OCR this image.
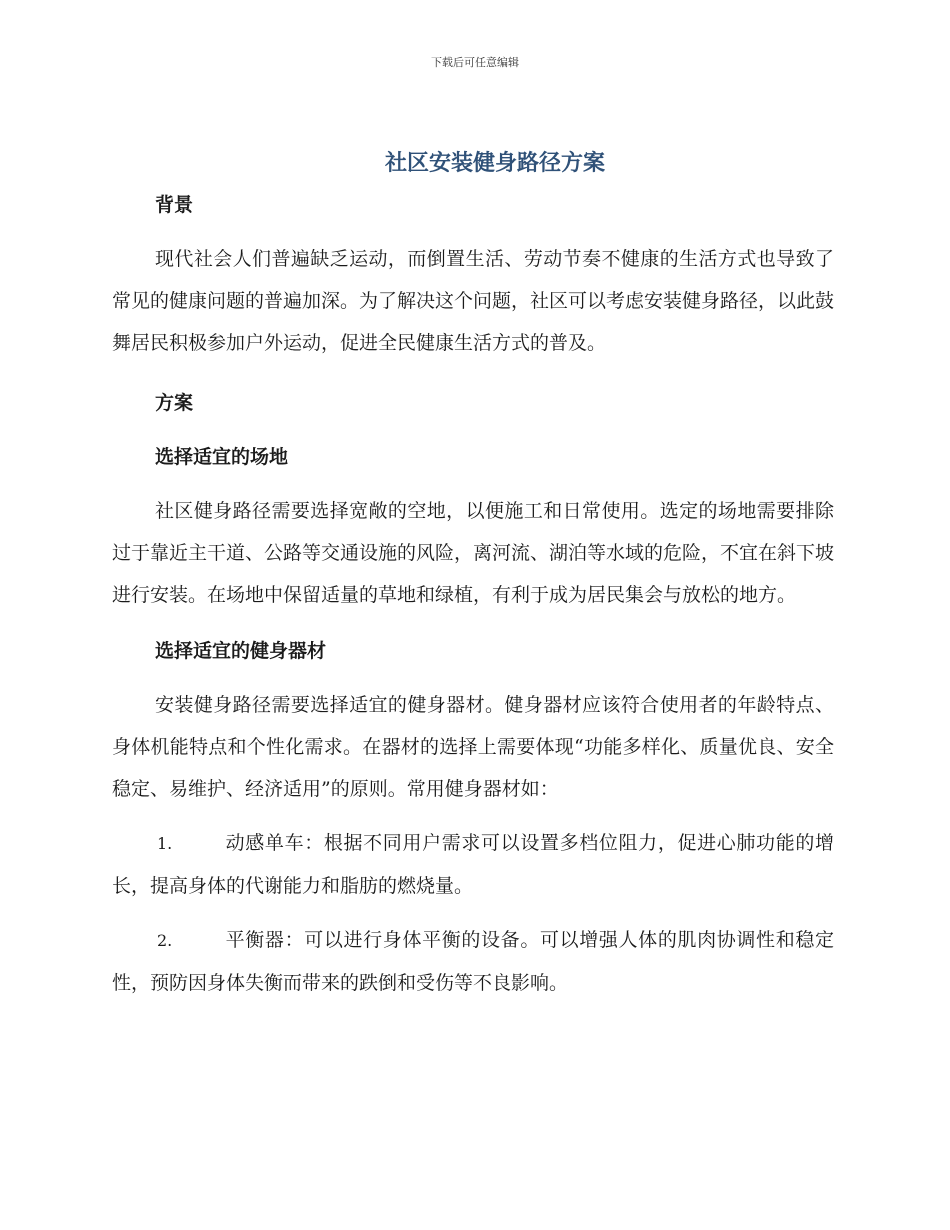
下载后可任意编辑
社区安装健身路径方案

背景

现代社会人们普遍缺乏运动，而倒置生活、劳动节奏不健康的生活方式也导致了常见的健康问题的普遍加深。为了解决这个问题，社区可以考虑安装健身路径，以此鼓舞居民积极参加户外运动，促进全民健康生活方式的普及。

方案

选择适宜的场地

社区健身路径需要选择宽敞的空地，以便施工和日常使用。选定的场地需要排除过于靠近主干道、公路等交通设施的风险，离河流、湖泊等水域的危险，不宜在斜下坡进行安装。在场地中保留适量的草地和绿植，有利于成为居民集会与放松的地方。

选择适宜的健身器材

安装健身路径需要选择适宜的健身器材。健身器材应该符合使用者的年龄特点、身体机能特点和个性化需求。在器材的选择上需要体现“功能多样化、质量优良、安全稳定、易维护、经济适用”的原则。常用健身器材如：

1.	动感单车：根据不同用户需求可以设置多档位阻力，促进心肺功能的增长，提高身体的代谢能力和脂肪的燃烧量。

2.	平衡器：可以进行身体平衡的设备。可以增强人体的肌肉协调性和稳定性，预防因身体失衡而带来的跌倒和受伤等不良影响。
